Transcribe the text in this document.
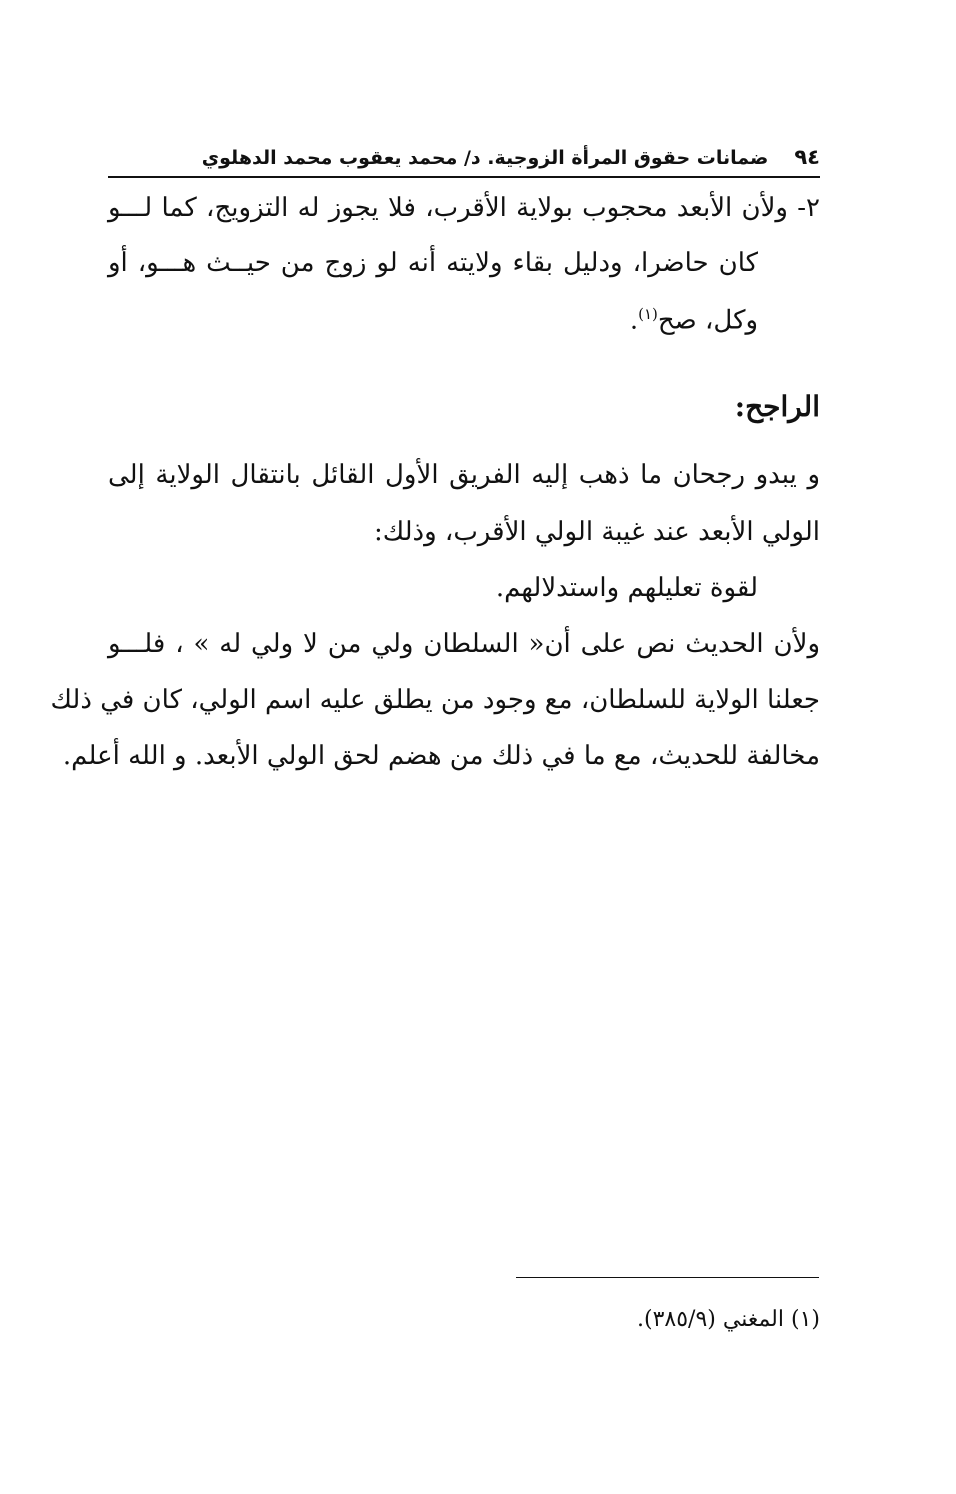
٩٤ضمانات حقوق المرأة الزوجية. د/ محمد يعقوب محمد الدهلوي
٢- ولأن الأبعد محجوب بولاية الأقرب، فلا يجوز له التزويج، كما لـــو
كان حاضرا، ودليل بقاء ولايته أنه لو زوج من حيــث هـــو، أو
وكل، صح$^{(١)}$.
الراجح:
و يبدو رجحان ما ذهب إليه الفريق الأول القائل بانتقال الولاية إلى
الولي الأبعد عند غيبة الولي الأقرب، وذلك:
لقوة تعليلهم واستدلالهم.
ولأن الحديث نص على أن« السلطان ولي من لا ولي له » ، فلـــو
جعلنا الولاية للسلطان، مع وجود من يطلق عليه اسم الولي، كان في ذلك
مخالفة للحديث، مع ما في ذلك من هضم لحق الولي الأبعد. و الله أعلم.
(١) المغني (٣٨٥/٩).
